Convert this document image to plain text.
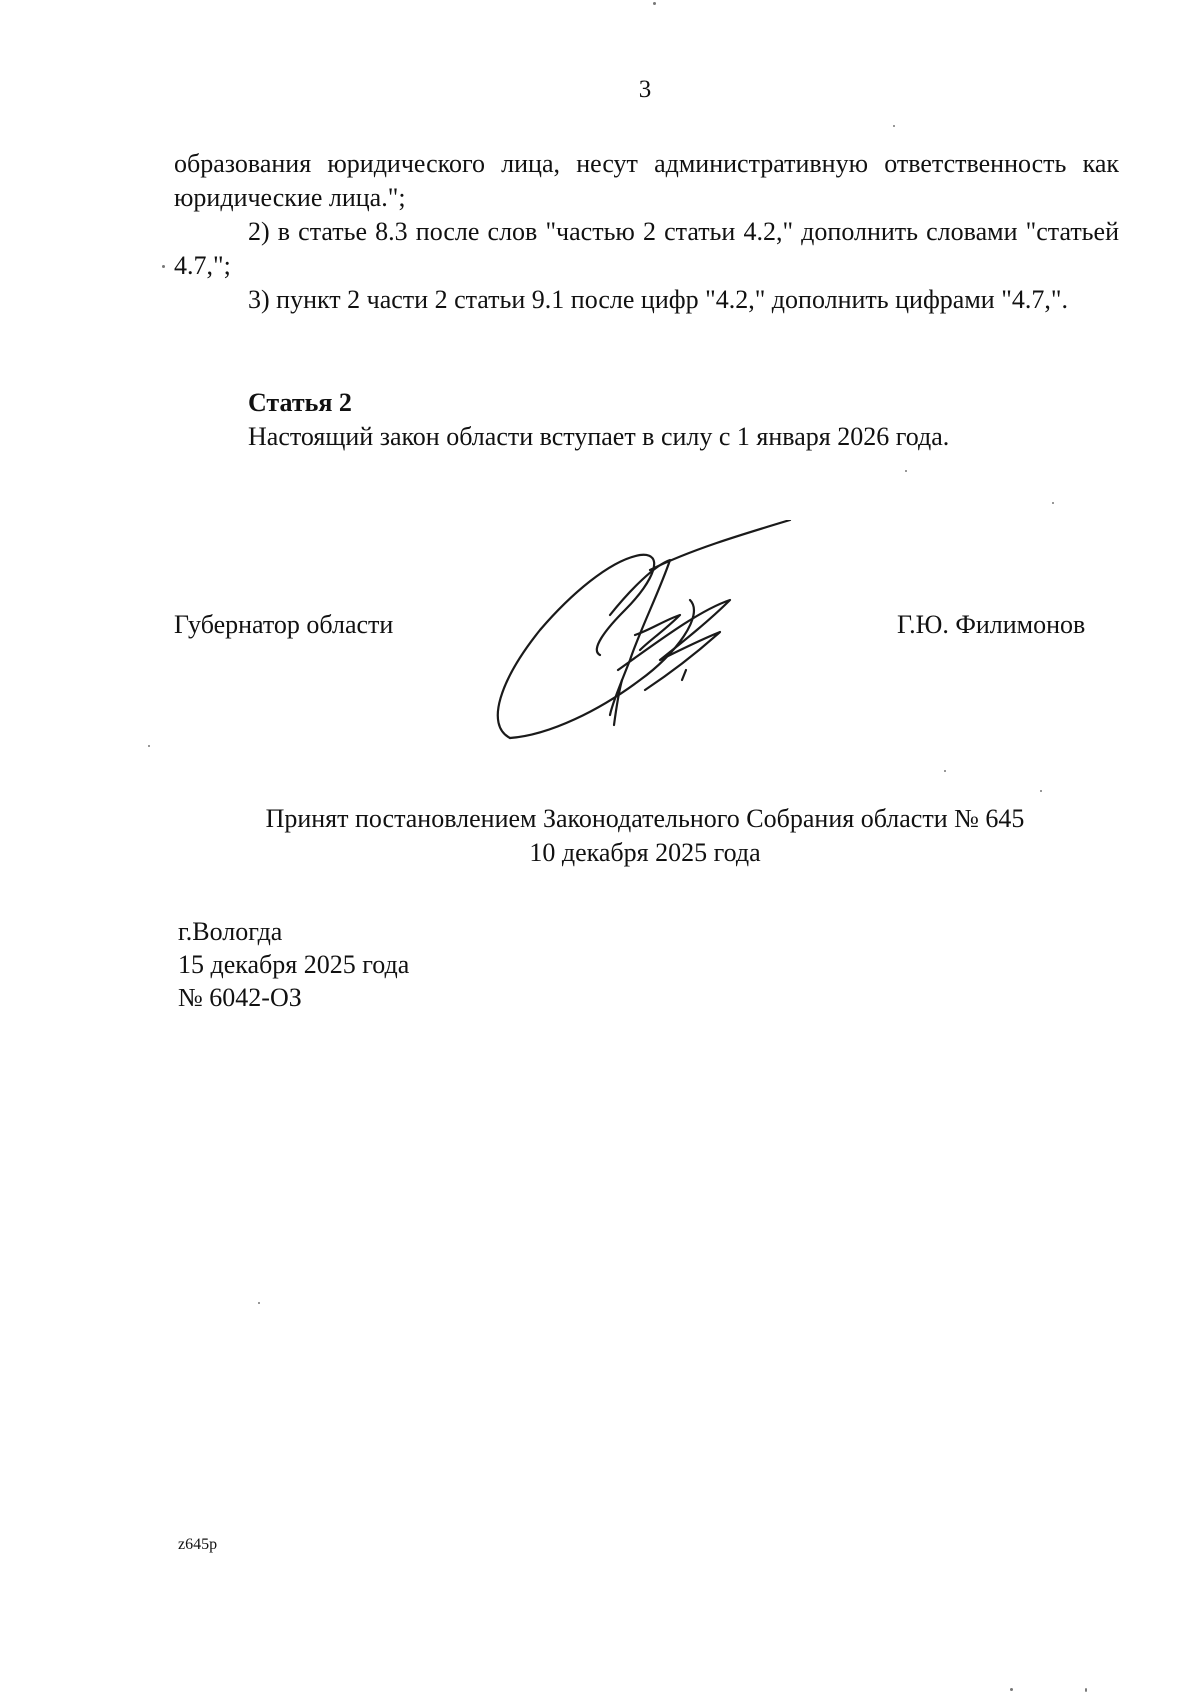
3

образования юридического лица, несут административную ответственность как юридические лица.";

2) в статье 8.3 после слов "частью 2 статьи 4.2," дополнить словами "статьей 4.7,";

3) пункт 2 части 2 статьи 9.1 после цифр "4.2," дополнить цифрами "4.7,".

Статья 2
Настоящий закон области вступает в силу с 1 января 2026 года.
Губернатор области	Г.Ю. Филимонов
Принят постановлением Законодательного Собрания области № 645
10 декабря 2025 года
г.Вологда
15 декабря 2025 года
№ 6042-ОЗ
z645p
